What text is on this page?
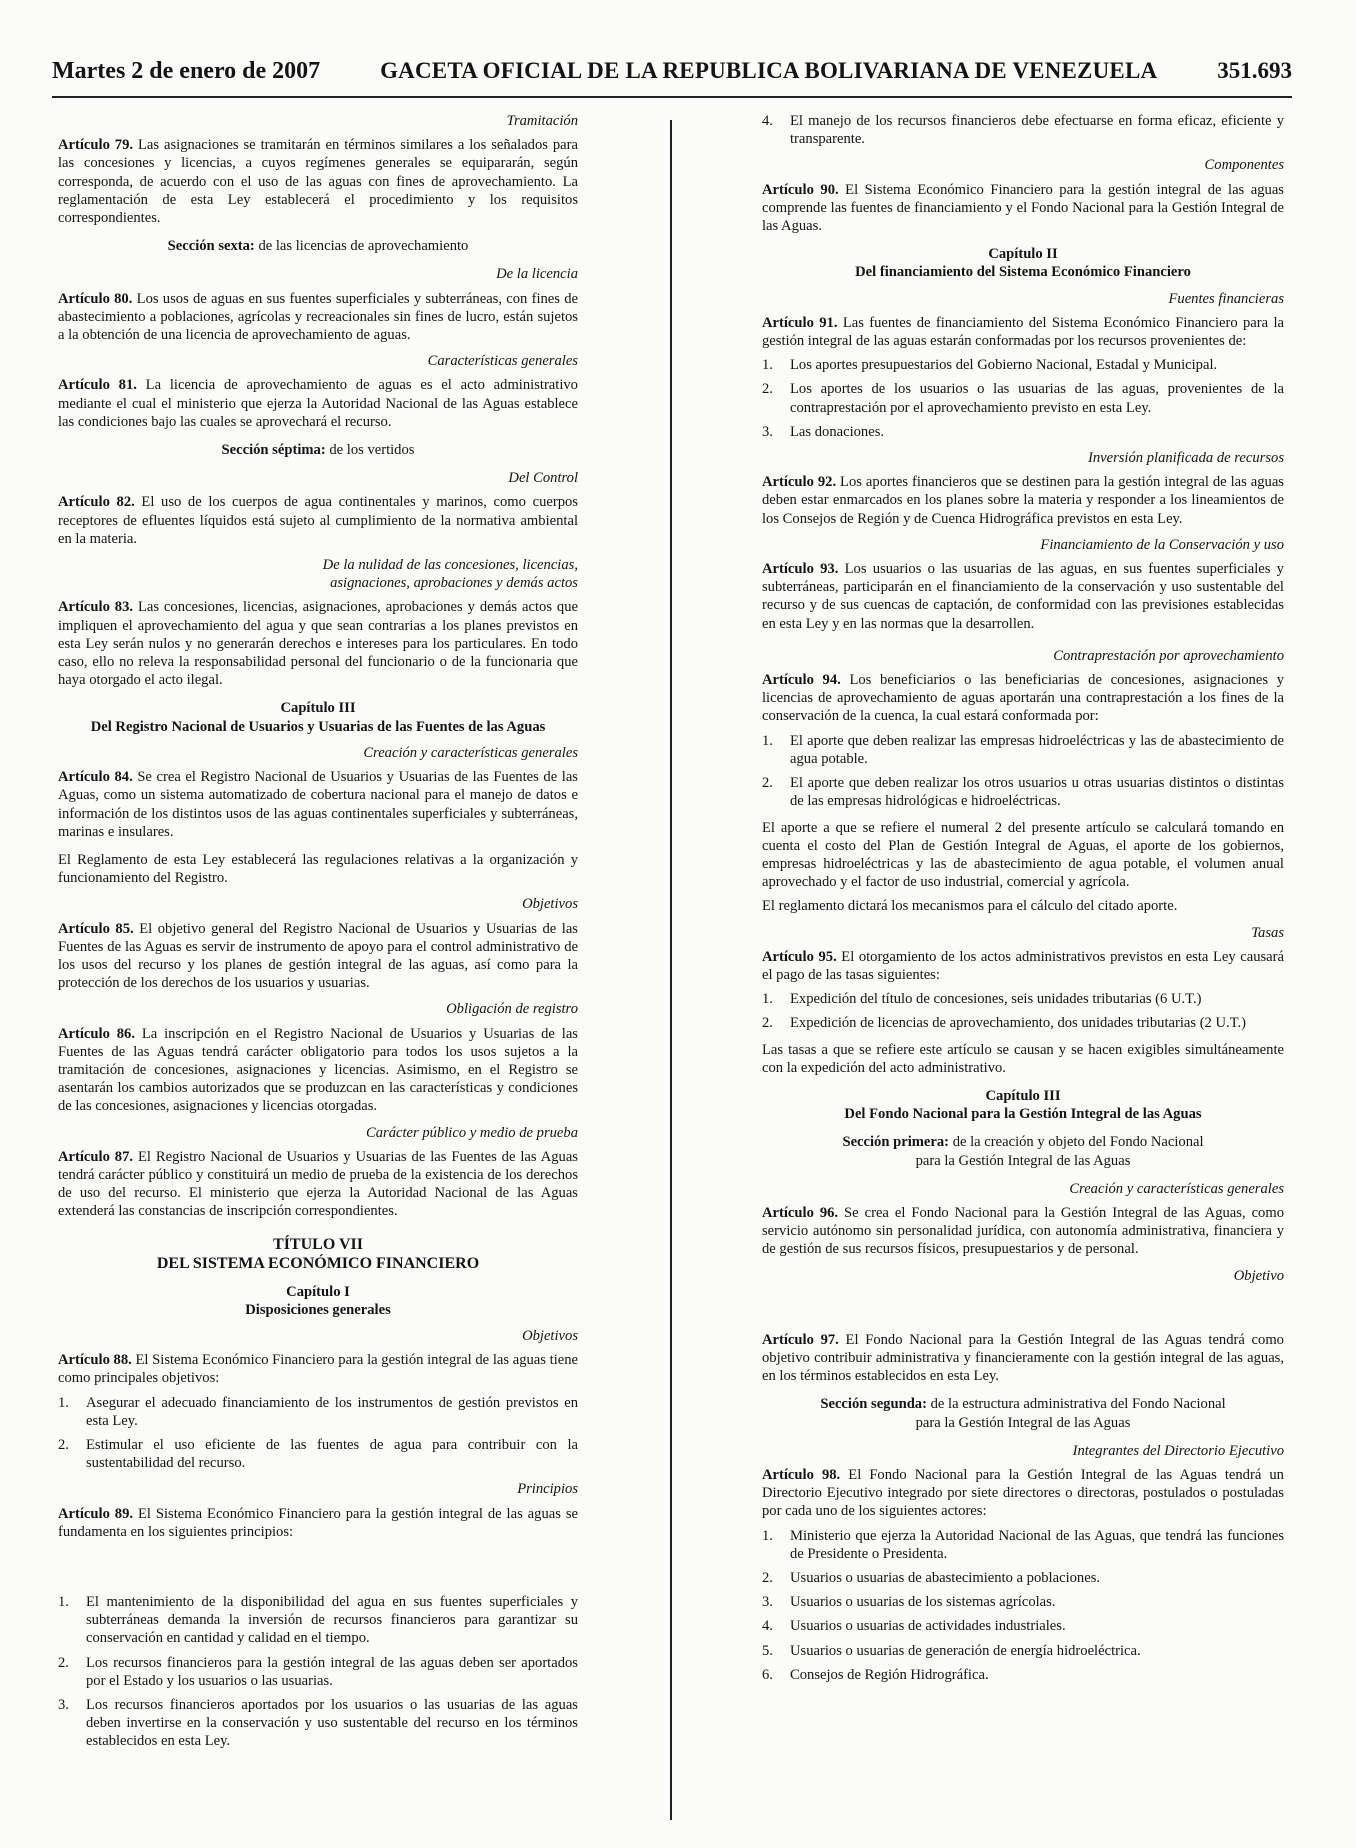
Martes 2 de enero de 2007	GACETA OFICIAL DE LA REPUBLICA BOLIVARIANA DE VENEZUELA	351.693
Tramitación

Artículo 79. Las asignaciones se tramitarán en términos similares a los señalados para las concesiones y licencias, a cuyos regímenes generales se equipararán, según corresponda, de acuerdo con el uso de las aguas con fines de aprovechamiento. La reglamentación de esta Ley establecerá el procedimiento y los requisitos correspondientes.

Sección sexta: de las licencias de aprovechamiento
De la licencia

Artículo 80. Los usos de aguas en sus fuentes superficiales y subterráneas, con fines de abastecimiento a poblaciones, agrícolas y recreacionales sin fines de lucro, están sujetos a la obtención de una licencia de aprovechamiento de aguas.

Características generales

Artículo 81. La licencia de aprovechamiento de aguas es el acto administrativo mediante el cual el ministerio que ejerza la Autoridad Nacional de las Aguas establece las condiciones bajo las cuales se aprovechará el recurso.

Sección séptima: de los vertidos
Del Control

Artículo 82. El uso de los cuerpos de agua continentales y marinos, como cuerpos receptores de efluentes líquidos está sujeto al cumplimiento de la normativa ambiental en la materia.

De la nulidad de las concesiones, licencias,
asignaciones, aprobaciones y demás actos

Artículo 83. Las concesiones, licencias, asignaciones, aprobaciones y demás actos que impliquen el aprovechamiento del agua y que sean contrarias a los planes previstos en esta Ley serán nulos y no generarán derechos e intereses para los particulares. En todo caso, ello no releva la responsabilidad personal del funcionario o de la funcionaria que haya otorgado el acto ilegal.

Capítulo III
Del Registro Nacional de Usuarios y Usuarias de las Fuentes de las Aguas
Creación y características generales

Artículo 84. Se crea el Registro Nacional de Usuarios y Usuarias de las Fuentes de las Aguas, como un sistema automatizado de cobertura nacional para el manejo de datos e información de los distintos usos de las aguas continentales superficiales y subterráneas, marinas e insulares.

El Reglamento de esta Ley establecerá las regulaciones relativas a la organización y funcionamiento del Registro.

Objetivos

Artículo 85. El objetivo general del Registro Nacional de Usuarios y Usuarias de las Fuentes de las Aguas es servir de instrumento de apoyo para el control administrativo de los usos del recurso y los planes de gestión integral de las aguas, así como para la protección de los derechos de los usuarios y usuarias.

Obligación de registro

Artículo 86. La inscripción en el Registro Nacional de Usuarios y Usuarias de las Fuentes de las Aguas tendrá carácter obligatorio para todos los usos sujetos a la tramitación de concesiones, asignaciones y licencias. Asimismo, en el Registro se asentarán los cambios autorizados que se produzcan en las características y condiciones de las concesiones, asignaciones y licencias otorgadas.

Carácter público y medio de prueba

Artículo 87. El Registro Nacional de Usuarios y Usuarias de las Fuentes de las Aguas tendrá carácter público y constituirá un medio de prueba de la existencia de los derechos de uso del recurso. El ministerio que ejerza la Autoridad Nacional de las Aguas extenderá las constancias de inscripción correspondientes.

TÍTULO VII
DEL SISTEMA ECONÓMICO FINANCIERO
Capítulo I
Disposiciones generales
Objetivos

Artículo 88. El Sistema Económico Financiero para la gestión integral de las aguas tiene como principales objetivos:

1.	Asegurar el adecuado financiamiento de los instrumentos de gestión previstos en esta Ley.
2.	Estimular el uso eficiente de las fuentes de agua para contribuir con la sustentabilidad del recurso.
Principios

Artículo 89. El Sistema Económico Financiero para la gestión integral de las aguas se fundamenta en los siguientes principios:

1.	El mantenimiento de la disponibilidad del agua en sus fuentes superficiales y subterráneas demanda la inversión de recursos financieros para garantizar su conservación en cantidad y calidad en el tiempo.
2.	Los recursos financieros para la gestión integral de las aguas deben ser aportados por el Estado y los usuarios o las usuarias.
3.	Los recursos financieros aportados por los usuarios o las usuarias de las aguas deben invertirse en la conservación y uso sustentable del recurso en los términos establecidos en esta Ley.
4.	El manejo de los recursos financieros debe efectuarse en forma eficaz, eficiente y transparente.
Componentes

Artículo 90. El Sistema Económico Financiero para la gestión integral de las aguas comprende las fuentes de financiamiento y el Fondo Nacional para la Gestión Integral de las Aguas.

Capítulo II
Del financiamiento del Sistema Económico Financiero
Fuentes financieras

Artículo 91. Las fuentes de financiamiento del Sistema Económico Financiero para la gestión integral de las aguas estarán conformadas por los recursos provenientes de:

1.	Los aportes presupuestarios del Gobierno Nacional, Estadal y Municipal.
2.	Los aportes de los usuarios o las usuarias de las aguas, provenientes de la contraprestación por el aprovechamiento previsto en esta Ley.
3.	Las donaciones.
Inversión planificada de recursos

Artículo 92. Los aportes financieros que se destinen para la gestión integral de las aguas deben estar enmarcados en los planes sobre la materia y responder a los lineamientos de los Consejos de Región y de Cuenca Hidrográfica previstos en esta Ley.

Financiamiento de la Conservación y uso

Artículo 93. Los usuarios o las usuarias de las aguas, en sus fuentes superficiales y subterráneas, participarán en el financiamiento de la conservación y uso sustentable del recurso y de sus cuencas de captación, de conformidad con las previsiones establecidas en esta Ley y en las normas que la desarrollen.

Contraprestación por aprovechamiento

Artículo 94. Los beneficiarios o las beneficiarias de concesiones, asignaciones y licencias de aprovechamiento de aguas aportarán una contraprestación a los fines de la conservación de la cuenca, la cual estará conformada por:

1.	El aporte que deben realizar las empresas hidroeléctricas y las de abastecimiento de agua potable.
2.	El aporte que deben realizar los otros usuarios u otras usuarias distintos o distintas de las empresas hidrológicas e hidroeléctricas.

El aporte a que se refiere el numeral 2 del presente artículo se calculará tomando en cuenta el costo del Plan de Gestión Integral de Aguas, el aporte de los gobiernos, empresas hidroeléctricas y las de abastecimiento de agua potable, el volumen anual aprovechado y el factor de uso industrial, comercial y agrícola.

El reglamento dictará los mecanismos para el cálculo del citado aporte.

Tasas

Artículo 95. El otorgamiento de los actos administrativos previstos en esta Ley causará el pago de las tasas siguientes:

1.	Expedición del título de concesiones, seis unidades tributarias (6 U.T.)
2.	Expedición de licencias de aprovechamiento, dos unidades tributarias (2 U.T.)

Las tasas a que se refiere este artículo se causan y se hacen exigibles simultáneamente con la expedición del acto administrativo.

Capítulo III
Del Fondo Nacional para la Gestión Integral de las Aguas
Sección primera: de la creación y objeto del Fondo Nacional
para la Gestión Integral de las Aguas
Creación y características generales

Artículo 96. Se crea el Fondo Nacional para la Gestión Integral de las Aguas, como servicio autónomo sin personalidad jurídica, con autonomía administrativa, financiera y de gestión de sus recursos físicos, presupuestarios y de personal.

Objetivo

Artículo 97. El Fondo Nacional para la Gestión Integral de las Aguas tendrá como objetivo contribuir administrativa y financieramente con la gestión integral de las aguas, en los términos establecidos en esta Ley.

Sección segunda: de la estructura administrativa del Fondo Nacional
para la Gestión Integral de las Aguas
Integrantes del Directorio Ejecutivo

Artículo 98. El Fondo Nacional para la Gestión Integral de las Aguas tendrá un Directorio Ejecutivo integrado por siete directores o directoras, postulados o postuladas por cada uno de los siguientes actores:

1.	Ministerio que ejerza la Autoridad Nacional de las Aguas, que tendrá las funciones de Presidente o Presidenta.
2.	Usuarios o usuarias de abastecimiento a poblaciones.
3.	Usuarios o usuarias de los sistemas agrícolas.
4.	Usuarios o usuarias de actividades industriales.
5.	Usuarios o usuarias de generación de energía hidroeléctrica.
6.	Consejos de Región Hidrográfica.
